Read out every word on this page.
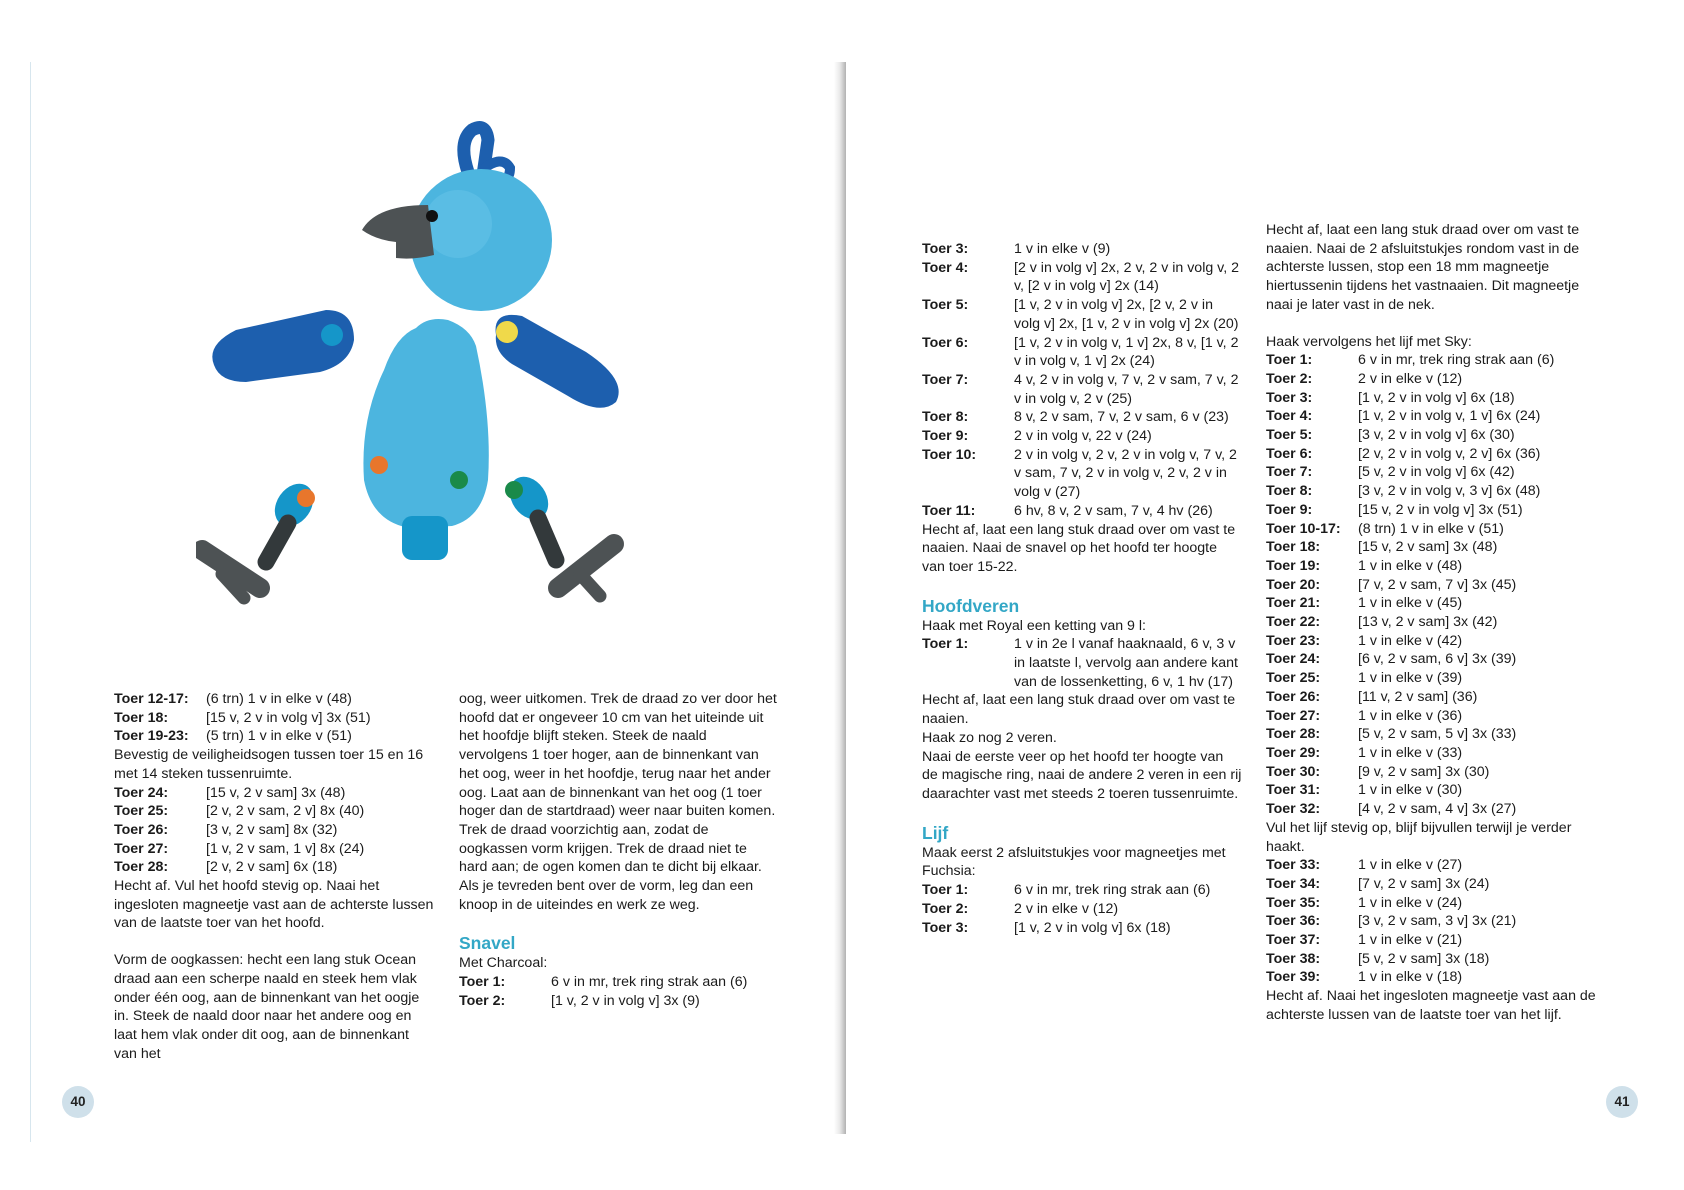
Toer 12-17:	(6 trn) 1 v in elke v (48)
Toer 18:	[15 v, 2 v in volg v] 3x (51)
Toer 19-23:	(5 trn) 1 v in elke v (51)

Bevestig de veiligheidsogen tussen toer 15 en 16 met 14 steken tussenruimte.

Toer 24:	[15 v, 2 v sam] 3x (48)
Toer 25:	[2 v, 2 v sam, 2 v] 8x (40)
Toer 26:	[3 v, 2 v sam] 8x (32)
Toer 27:	[1 v, 2 v sam, 1 v] 8x (24)
Toer 28:	[2 v, 2 v sam] 6x (18)

Hecht af. Vul het hoofd stevig op. Naai het ingesloten magneetje vast aan de achterste lussen van de laatste toer van het hoofd.

Vorm de oogkassen: hecht een lang stuk Ocean draad aan een scherpe naald en steek hem vlak onder één oog, aan de binnenkant van het oogje in. Steek de naald door naar het andere oog en laat hem vlak onder dit oog, aan de binnenkant van het

oog, weer uitkomen. Trek de draad zo ver door het hoofd dat er ongeveer 10 cm van het uiteinde uit het hoofdje blijft steken. Steek de naald vervolgens 1 toer hoger, aan de binnenkant van het oog, weer in het hoofdje, terug naar het ander oog. Laat aan de binnenkant van het oog (1 toer hoger dan de startdraad) weer naar buiten komen. Trek de draad voorzichtig aan, zodat de oogkassen vorm krijgen. Trek de draad niet te hard aan; de ogen komen dan te dicht bij elkaar. Als je tevreden bent over de vorm, leg dan een knoop in de uiteindes en werk ze weg.

Snavel

Met Charcoal:

Toer 1:	6 v in mr, trek ring strak aan (6)
Toer 2:	[1 v, 2 v in volg v] 3x (9)
40
Toer 3:	1 v in elke v (9)
Toer 4:	[2 v in volg v] 2x, 2 v, 2 v in volg v, 2 v, [2 v in volg v] 2x (14)
Toer 5:	[1 v, 2 v in volg v] 2x, [2 v, 2 v in volg v] 2x, [1 v, 2 v in volg v] 2x (20)
Toer 6:	[1 v, 2 v in volg v, 1 v] 2x, 8 v, [1 v, 2 v in volg v, 1 v] 2x (24)
Toer 7:	4 v, 2 v in volg v, 7 v, 2 v sam, 7 v, 2 v in volg v, 2 v (25)
Toer 8:	8 v, 2 v sam, 7 v, 2 v sam, 6 v (23)
Toer 9:	2 v in volg v, 22 v (24)
Toer 10:	2 v in volg v, 2 v, 2 v in volg v, 7 v, 2 v sam, 7 v, 2 v in volg v, 2 v, 2 v in volg v (27)
Toer 11:	6 hv, 8 v, 2 v sam, 7 v, 4 hv (26)

Hecht af, laat een lang stuk draad over om vast te naaien. Naai de snavel op het hoofd ter hoogte van toer 15-22.

Hoofdveren

Haak met Royal een ketting van 9 l:

Toer 1:	1 v in 2e l vanaf haaknaald, 6 v, 3 v in laatste l, vervolg aan andere kant van de lossenketting, 6 v, 1 hv (17)

Hecht af, laat een lang stuk draad over om vast te naaien.

Haak zo nog 2 veren.

Naai de eerste veer op het hoofd ter hoogte van de magische ring, naai de andere 2 veren in een rij daarachter vast met steeds 2 toeren tussenruimte.

Lijf

Maak eerst 2 afsluitstukjes voor magneetjes met Fuchsia:

Toer 1:	6 v in mr, trek ring strak aan (6)
Toer 2:	2 v in elke v (12)
Toer 3:	[1 v, 2 v in volg v] 6x (18)

Hecht af, laat een lang stuk draad over om vast te naaien. Naai de 2 afsluitstukjes rondom vast in de achterste lussen, stop een 18 mm magneetje hiertussenin tijdens het vastnaaien. Dit magneetje naai je later vast in de nek.

Haak vervolgens het lijf met Sky:

Toer 1:	6 v in mr, trek ring strak aan (6)
Toer 2:	2 v in elke v (12)
Toer 3:	[1 v, 2 v in volg v] 6x (18)
Toer 4:	[1 v, 2 v in volg v, 1 v] 6x (24)
Toer 5:	[3 v, 2 v in volg v] 6x (30)
Toer 6:	[2 v, 2 v in volg v, 2 v] 6x (36)
Toer 7:	[5 v, 2 v in volg v] 6x (42)
Toer 8:	[3 v, 2 v in volg v, 3 v] 6x (48)
Toer 9:	[15 v, 2 v in volg v] 3x (51)
Toer 10-17:	(8 trn) 1 v in elke v (51)
Toer 18:	[15 v, 2 v sam] 3x (48)
Toer 19:	1 v in elke v (48)
Toer 20:	[7 v, 2 v sam, 7 v] 3x (45)
Toer 21:	1 v in elke v (45)
Toer 22:	[13 v, 2 v sam] 3x (42)
Toer 23:	1 v in elke v (42)
Toer 24:	[6 v, 2 v sam, 6 v] 3x (39)
Toer 25:	1 v in elke v (39)
Toer 26:	[11 v, 2 v sam] (36)
Toer 27:	1 v in elke v (36)
Toer 28:	[5 v, 2 v sam, 5 v] 3x (33)
Toer 29:	1 v in elke v (33)
Toer 30:	[9 v, 2 v sam] 3x (30)
Toer 31:	1 v in elke v (30)
Toer 32:	[4 v, 2 v sam, 4 v] 3x (27)

Vul het lijf stevig op, blijf bijvullen terwijl je verder haakt.

Toer 33:	1 v in elke v (27)
Toer 34:	[7 v, 2 v sam] 3x (24)
Toer 35:	1 v in elke v (24)
Toer 36:	[3 v, 2 v sam, 3 v] 3x (21)
Toer 37:	1 v in elke v (21)
Toer 38:	[5 v, 2 v sam] 3x (18)
Toer 39:	1 v in elke v (18)

Hecht af. Naai het ingesloten magneetje vast aan de achterste lussen van de laatste toer van het lijf.

41
